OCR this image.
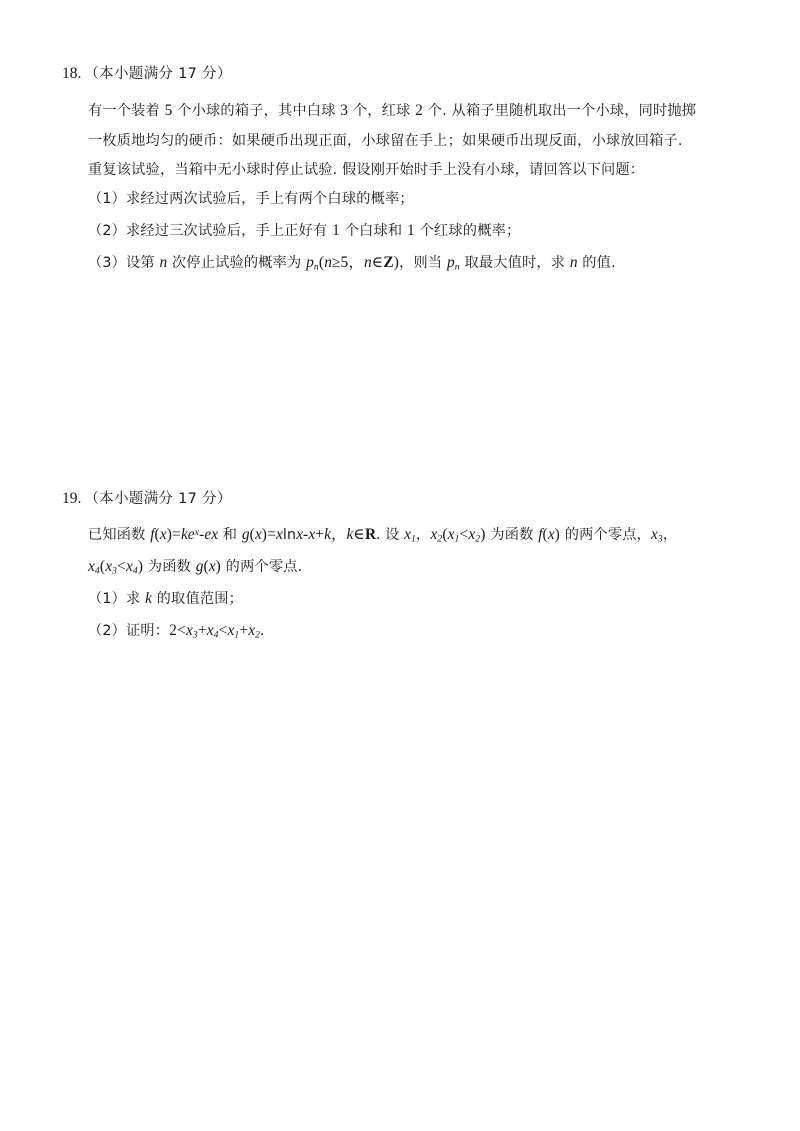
18. （本小题满分 17 分）
有一个装着 5 个小球的箱子，其中白球 3 个，红球 2 个. 从箱子里随机取出一个小球，同时抛掷
一枚质地均匀的硬币：如果硬币出现正面，小球留在手上；如果硬币出现反面，小球放回箱子.
重复该试验，当箱中无小球时停止试验. 假设刚开始时手上没有小球，请回答以下问题：
（1）求经过两次试验后，手上有两个白球的概率；
（2）求经过三次试验后，手上正好有 1 个白球和 1 个红球的概率；
（3）设第 n 次停止试验的概率为 $p_n(n\ge 5$，n∈Z)，则当 $p_n$ 取最大值时，求 n 的值.
19. （本小题满分 17 分）
已知函数 $f(x)=ke^x-ex$ 和 g(x)=xlnx-x+k，k∈R. 设 $x_1$，$x_2(x_1<x_2)$ 为函数 f(x) 的两个零点，$x_3$，
$x_4(x_3<x_4)$ 为函数 g(x) 的两个零点.
（1）求 k 的取值范围；
（2）证明：$2<x_3+x_4<x_1+x_2$.
